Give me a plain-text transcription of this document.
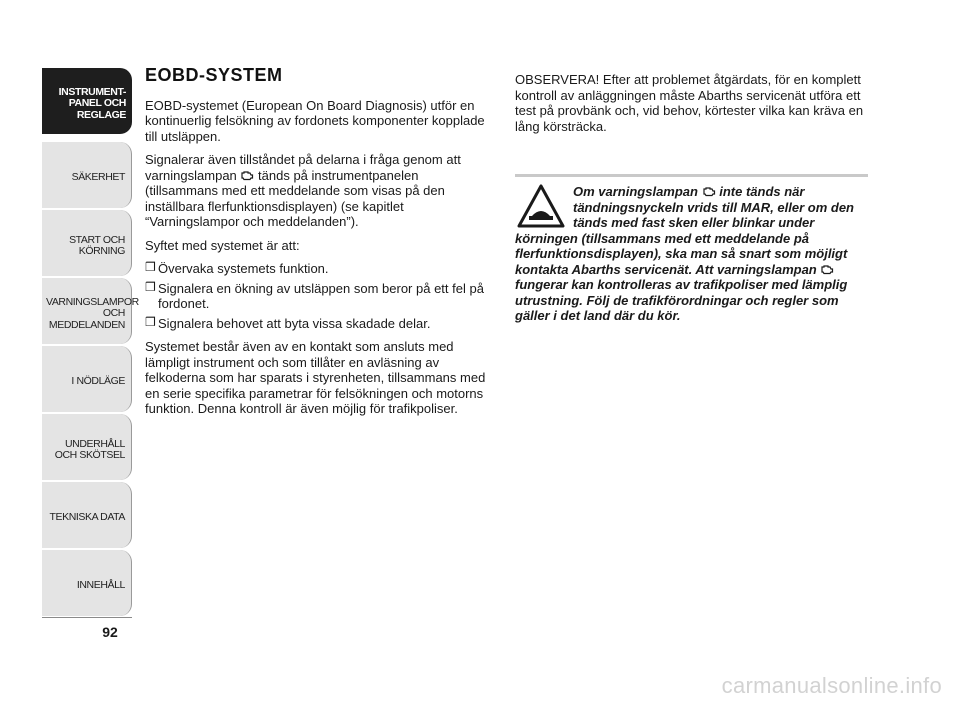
INSTRUMENT-
PANEL OCH
REGLAGE
SÄKERHET
START OCH
KÖRNING
VARNINGSLAMPOR
OCH
MEDDELANDEN
I NÖDLÄGE
UNDERHÅLL
OCH SKÖTSEL
TEKNISKA DATA
INNEHÅLL
92
EOBD-SYSTEM

EOBD-systemet (European On Board Diagnosis) utför en kontinuerlig felsökning av fordonets komponenter kopplade till utsläppen.

Signalerar även tillståndet på delarna i fråga genom att varningslampan tänds på instrumentpanelen (tillsammans med ett meddelande som visas på den inställbara flerfunktionsdisplayen) (se kapitlet “Varningslampor och meddelanden”).

Syftet med systemet är att:

❒ Övervaka systemets funktion.
❒ Signalera en ökning av utsläppen som beror på ett fel på fordonet.
❒ Signalera behovet att byta vissa skadade delar.

Systemet består även av en kontakt som ansluts med lämpligt instrument och som tillåter en avläsning av felkoderna som har sparats i styrenheten, tillsammans med en serie specifika parametrar för felsökningen och motorns funktion. Denna kontroll är även möjlig för trafikpoliser.

OBSERVERA! Efter att problemet åtgärdats, för en komplett kontroll av anläggningen måste Abarths servicenät utföra ett test på provbänk och, vid behov, körtester vilka kan kräva en lång körsträcka.

Om varningslampan inte tänds när tändningsnyckeln vrids till MAR, eller om den tänds med fast sken eller blinkar under körningen (tillsammans med ett meddelande på flerfunktionsdisplayen), ska man så snart som möjligt kontakta Abarths servicenät. Att varningslampan  fungerar kan kontrolleras av trafikpoliser med lämplig utrustning. Följ de trafikförordningar och regler som gäller i det land där du kör.
carmanualsonline.info
